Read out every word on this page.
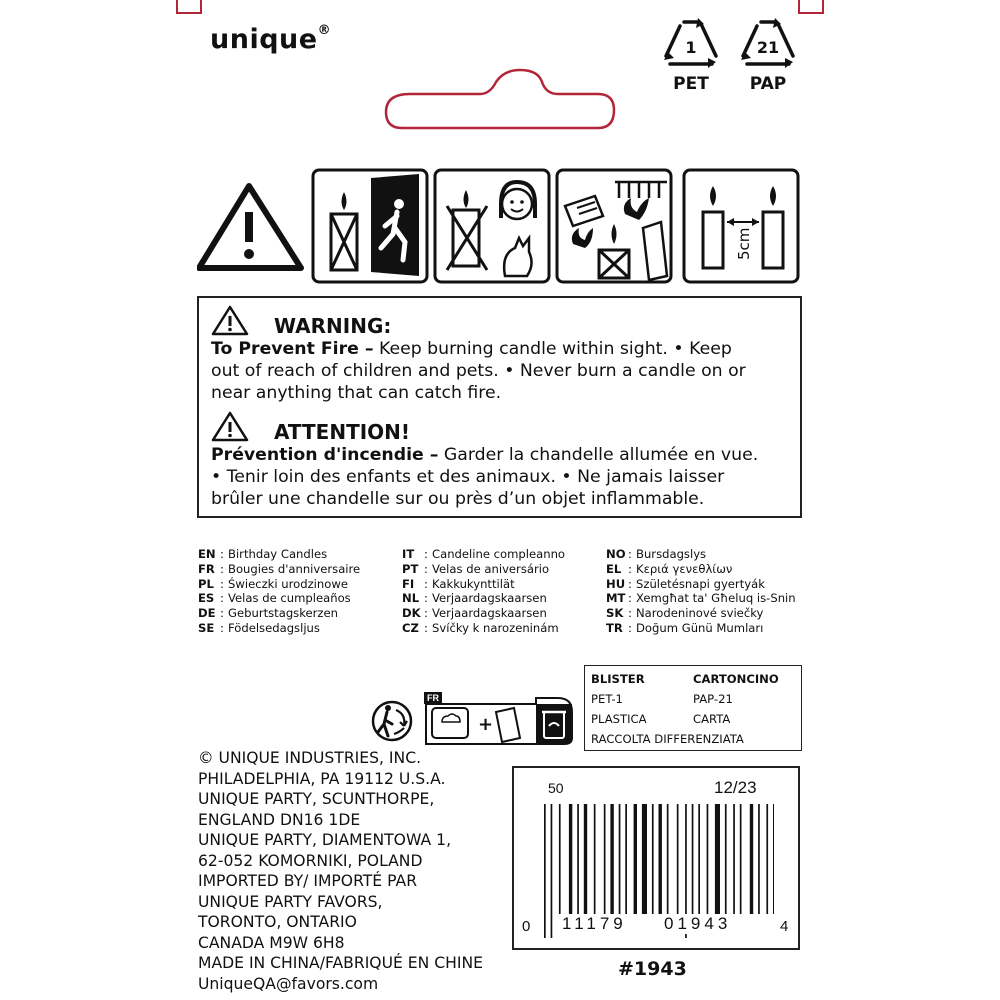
unique®
1
PET
21
PAP
5cm
WARNING:
To Prevent Fire – Keep burning candle within sight. • Keep
out of reach of children and pets. • Never burn a candle on or
near anything that can catch fire.
ATTENTION!
Prévention d'incendie – Garder la chandelle allumée en vue.
• Tenir loin des enfants et des animaux. • Ne jamais laisser
brûler une chandelle sur ou près d’un objet inflammable.
EN : Birthday Candles
FR : Bougies d'anniversaire
PL : Świeczki urodzinowe
ES : Velas de cumpleaños
DE : Geburtstagskerzen
SE : Födelsedagsljus
IT : Candeline compleanno
PT : Velas de aniversário
FI : Kakkukynttilät
NL : Verjaardagskaarsen
DK : Verjaardagskaarsen
CZ : Svíčky k narozeninám
NO : Bursdagslys
EL : Κεριά γενεθλίων
HU : Születésnapi gyertyák
MT : Xemgħat ta' Għeluq is-Snin
SK : Narodeninové sviečky
TR : Doğum Günü Mumları
BLISTER	CARTONCINO
PET-1	PAP-21
PLASTICA	CARTA
RACCOLTA DIFFERENZIATA
FR
+
© UNIQUE INDUSTRIES, INC.
PHILADELPHIA, PA 19112 U.S.A.
UNIQUE PARTY, SCUNTHORPE,
ENGLAND DN16 1DE
UNIQUE PARTY, DIAMENTOWA 1,
62-052 KOMORNIKI, POLAND
IMPORTED BY/ IMPORTÉ PAR
UNIQUE PARTY FAVORS,
TORONTO, ONTARIO
CANADA M9W 6H8
MADE IN CHINA/FABRIQUÉ EN CHINE
UniqueQA@favors.com
50	12/23
0 11179 01943	4
#1943
